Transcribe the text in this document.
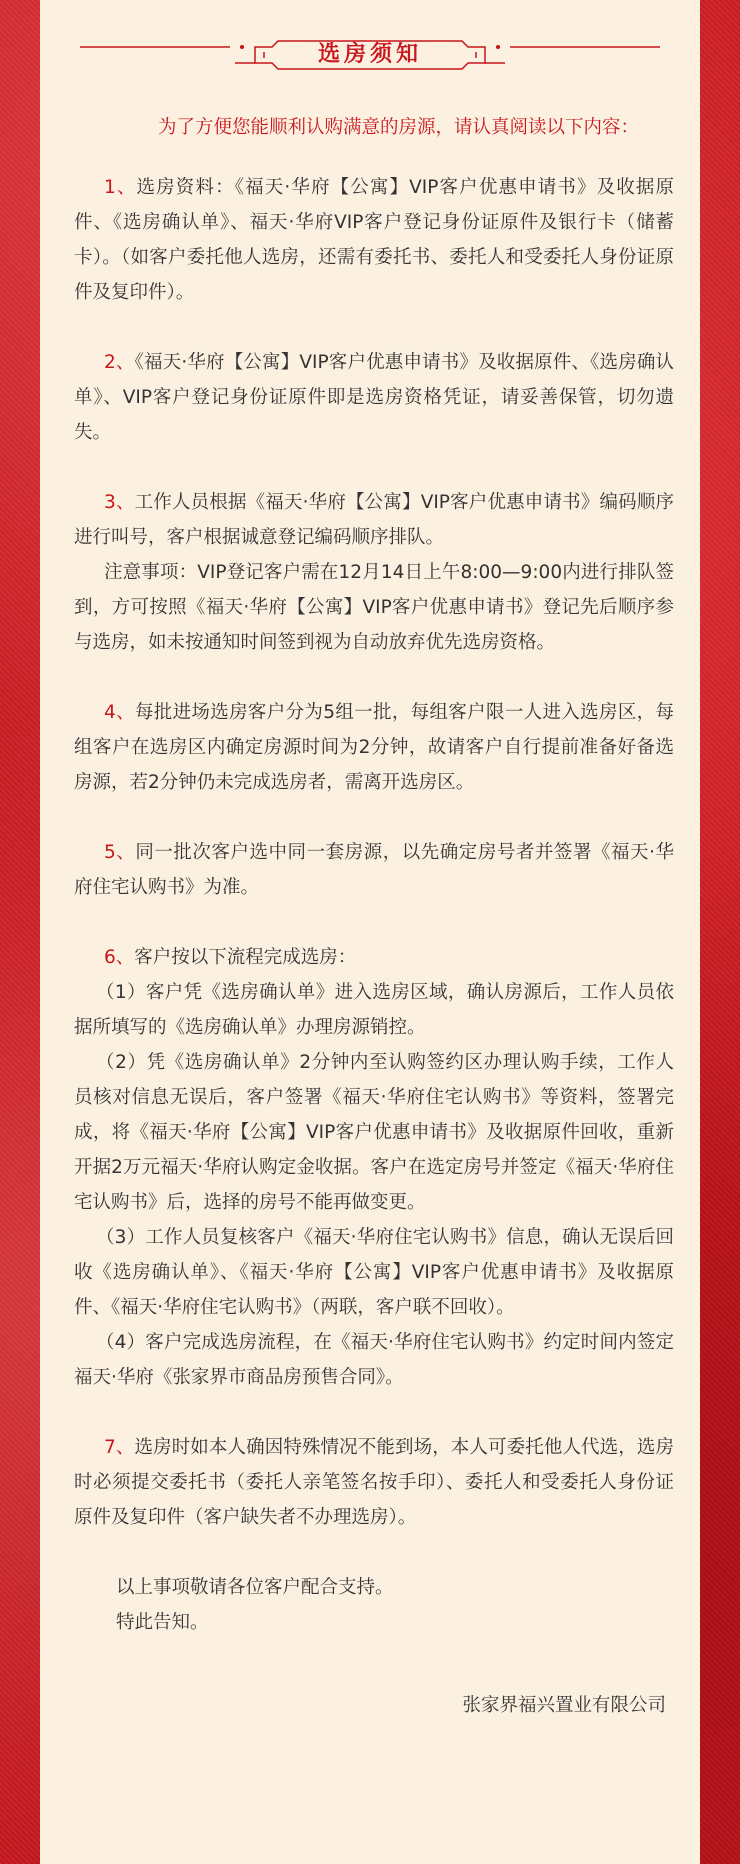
选房须知

为了方便您能顺利认购满意的房源，请认真阅读以下内容：

1、选房资料：《福天·华府【公寓】VIP客户优惠申请书》及收据原件、《选房确认单》、福天·华府VIP客户登记身份证原件及银行卡（储蓄卡）。（如客户委托他人选房，还需有委托书、委托人和受委托人身份证原件及复印件）。

2、《福天·华府【公寓】VIP客户优惠申请书》及收据原件、《选房确认单》、VIP客户登记身份证原件即是选房资格凭证，请妥善保管，切勿遗失。

3、工作人员根据《福天·华府【公寓】VIP客户优惠申请书》编码顺序进行叫号，客户根据诚意登记编码顺序排队。

注意事项：VIP登记客户需在12月14日上午8:00—9:00内进行排队签到，方可按照《福天·华府【公寓】VIP客户优惠申请书》登记先后顺序参与选房，如未按通知时间签到视为自动放弃优先选房资格。

4、每批进场选房客户分为5组一批，每组客户限一人进入选房区，每组客户在选房区内确定房源时间为2分钟，故请客户自行提前准备好备选房源，若2分钟仍未完成选房者，需离开选房区。

5、同一批次客户选中同一套房源，以先确定房号者并签署《福天·华府住宅认购书》为准。

6、客户按以下流程完成选房：

（1）客户凭《选房确认单》进入选房区域，确认房源后，工作人员依据所填写的《选房确认单》办理房源销控。

（2）凭《选房确认单》2分钟内至认购签约区办理认购手续，工作人员核对信息无误后，客户签署《福天·华府住宅认购书》等资料，签署完成，将《福天·华府【公寓】VIP客户优惠申请书》及收据原件回收，重新开据2万元福天·华府认购定金收据。客户在选定房号并签定《福天·华府住宅认购书》后，选择的房号不能再做变更。

（3）工作人员复核客户《福天·华府住宅认购书》信息，确认无误后回收《选房确认单》、《福天·华府【公寓】VIP客户优惠申请书》及收据原件、《福天·华府住宅认购书》（两联，客户联不回收）。

（4）客户完成选房流程，在《福天·华府住宅认购书》约定时间内签定福天·华府《张家界市商品房预售合同》。

7、选房时如本人确因特殊情况不能到场，本人可委托他人代选，选房时必须提交委托书（委托人亲笔签名按手印）、委托人和受委托人身份证原件及复印件（客户缺失者不办理选房）。

以上事项敬请各位客户配合支持。

特此告知。

张家界福兴置业有限公司
